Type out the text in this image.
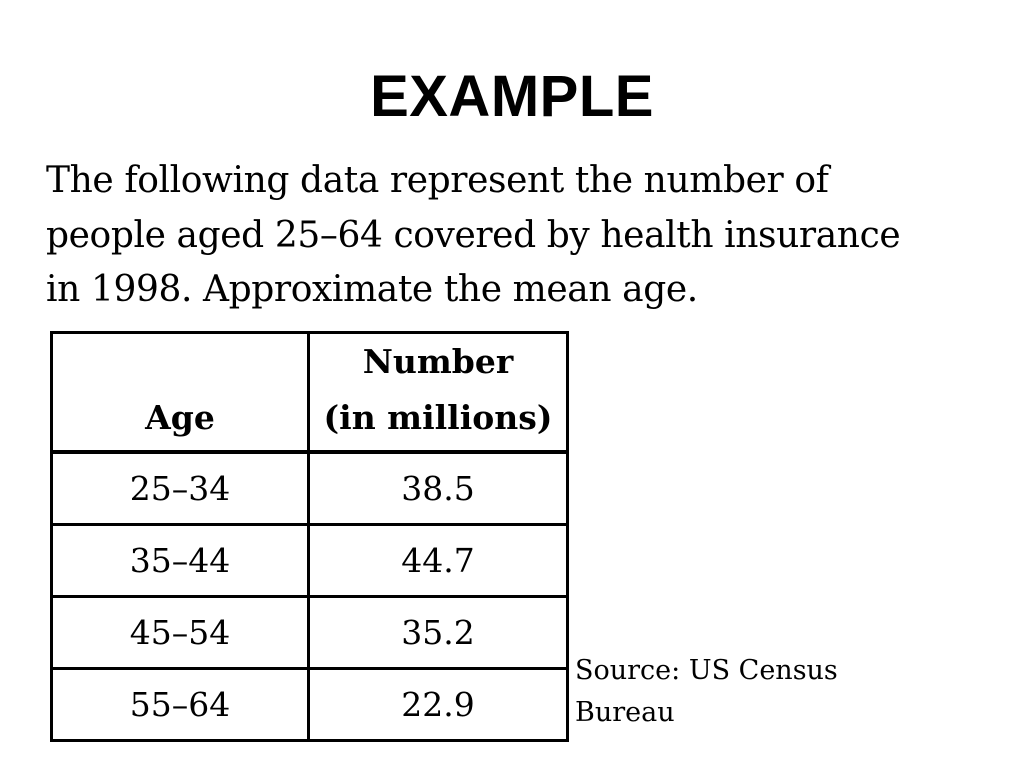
EXAMPLE

The following data represent the number of
people aged 25–64 covered by health insurance
in 1998. Approximate the mean age.

Age	Number
(in millions)
25–34	38.5
35–44	44.7
45–54	35.2
55–64	22.9

Source: US Census
Bureau
